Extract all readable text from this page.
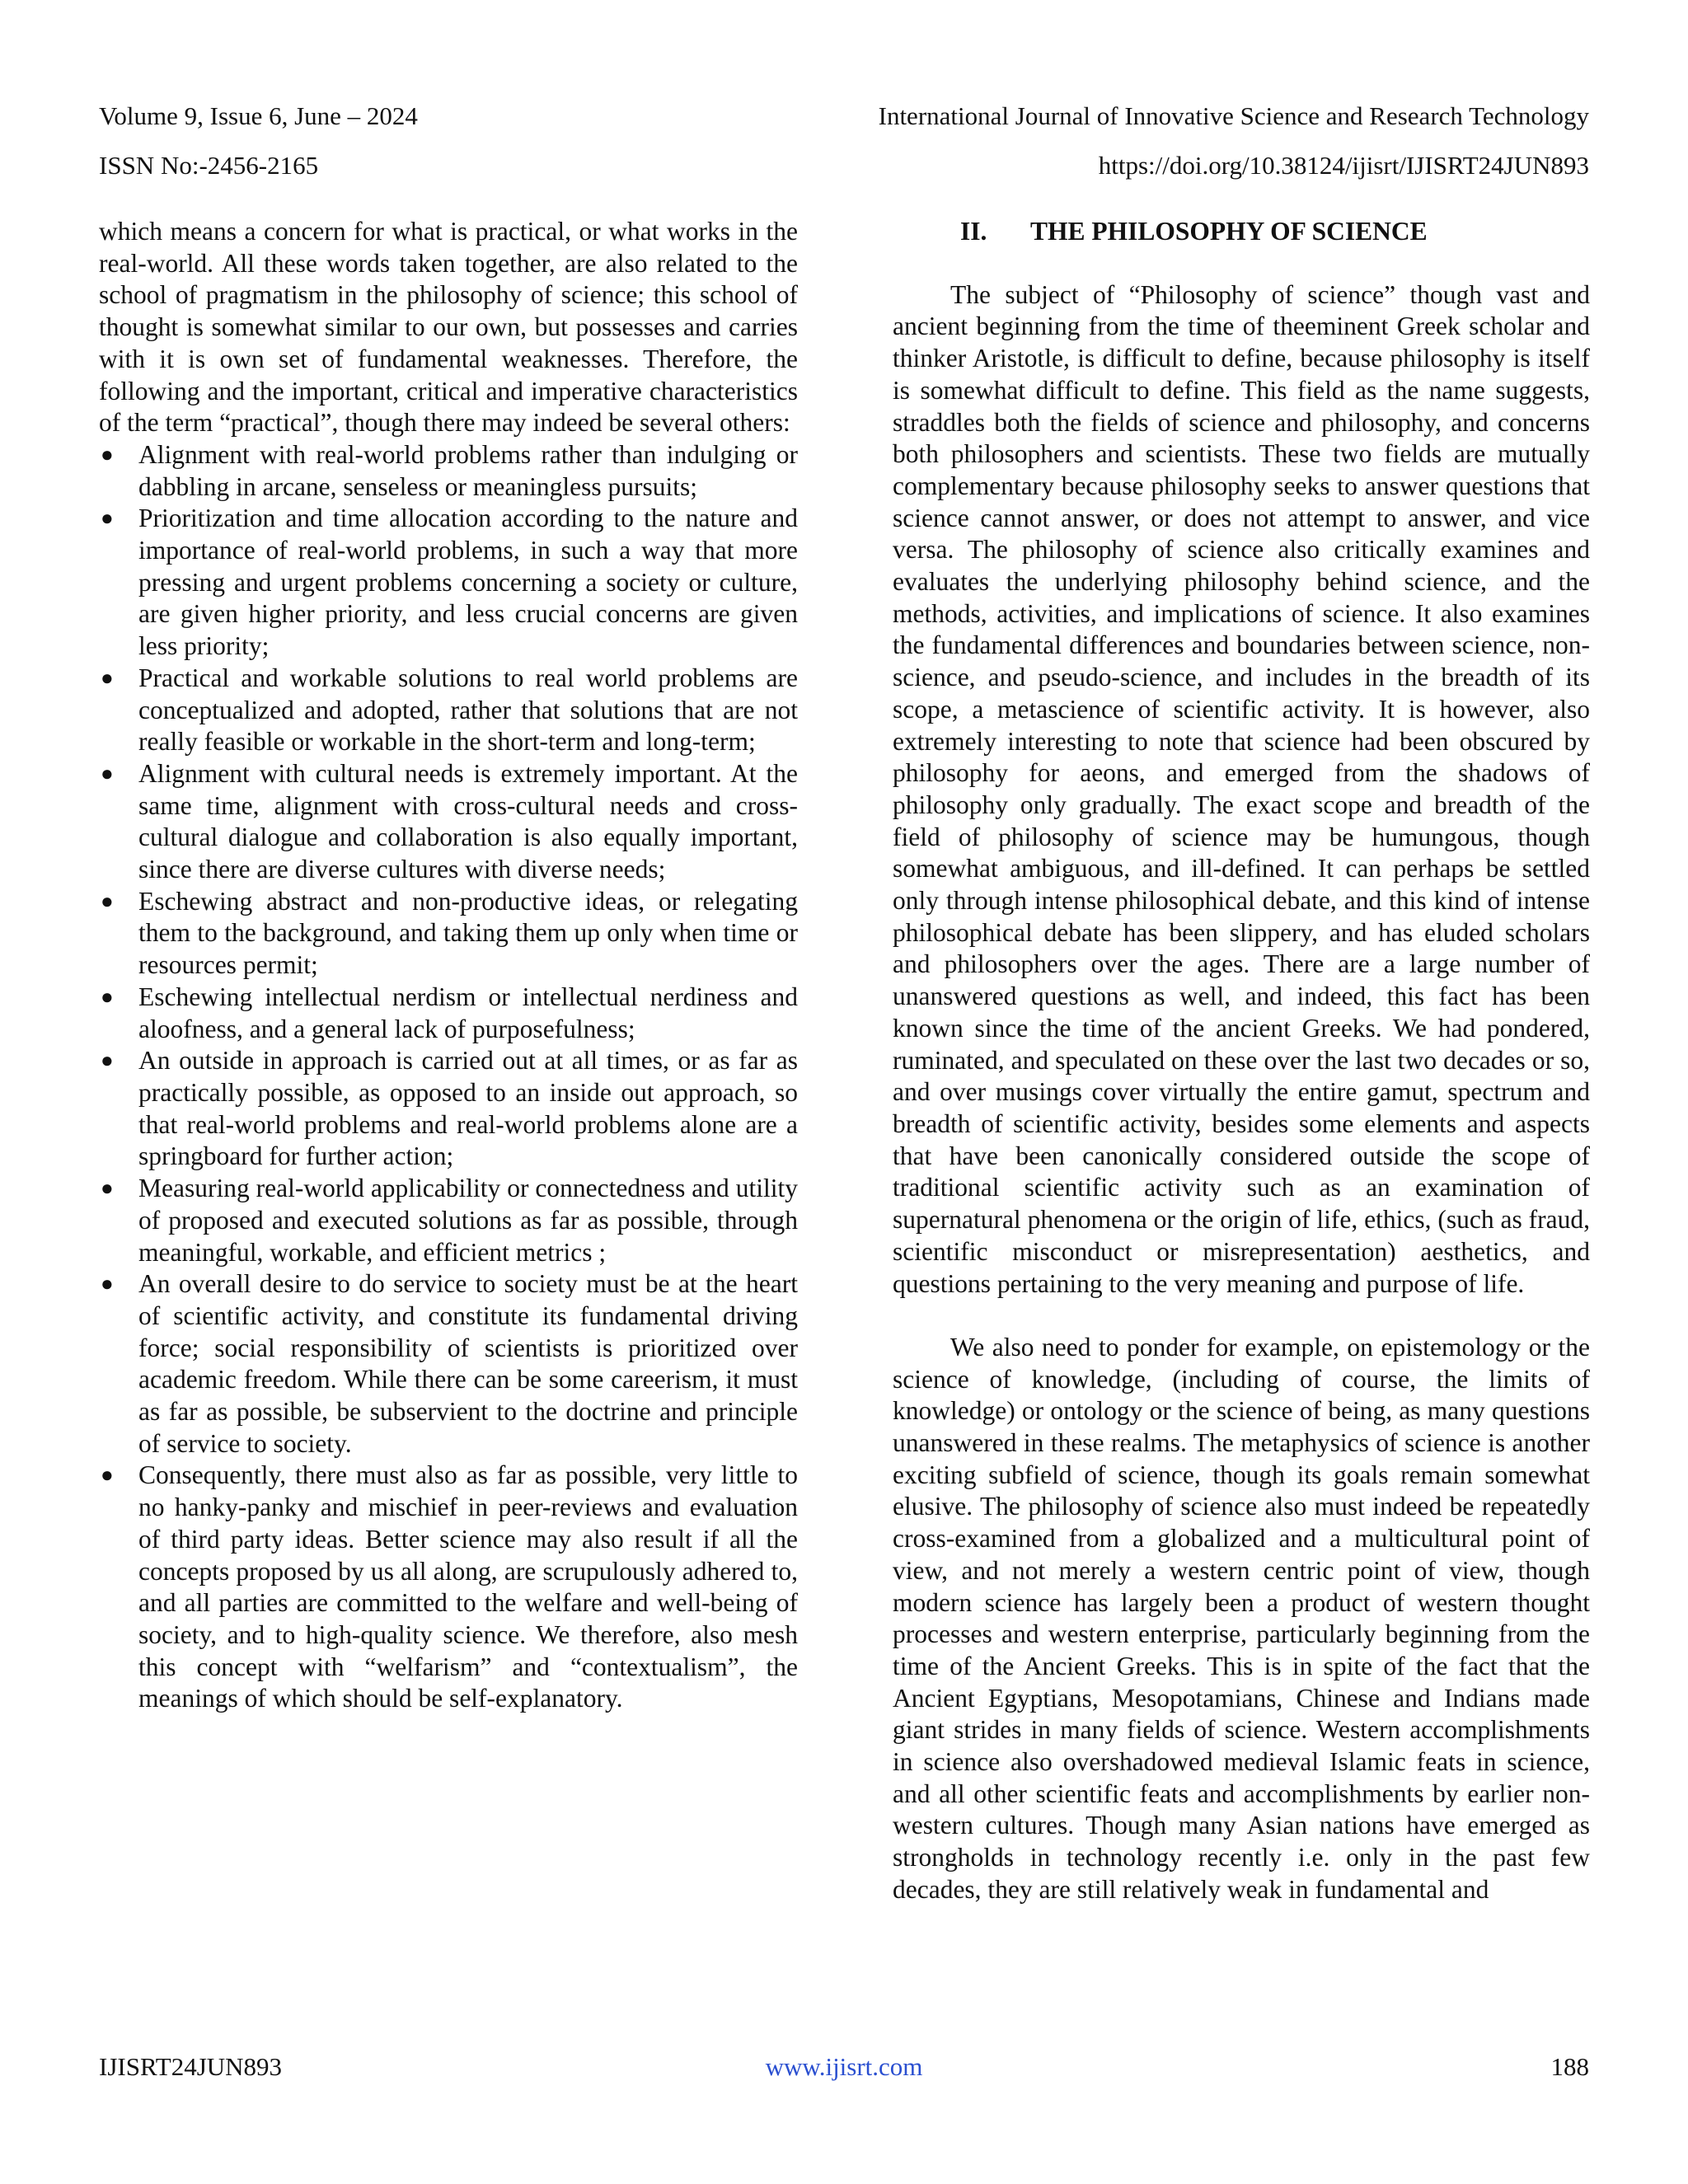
Volume 9, Issue 6, June – 2024	International Journal of Innovative Science and Research Technology
ISSN No:-2456-2165	https://doi.org/10.38124/ijisrt/IJISRT24JUN893

which means a concern for what is practical, or what works in the real-world. All these words taken together, are also related to the school of pragmatism in the philosophy of science; this school of thought is somewhat similar to our own, but possesses and carries with it is own set of fundamental weaknesses. Therefore, the following and the important, critical and imperative characteristics of the term “practical”, though there may indeed be several others:

● Alignment with real-world problems rather than indulging or dabbling in arcane, senseless or meaningless pursuits;
● Prioritization and time allocation according to the nature and importance of real-world problems, in such a way that more pressing and urgent problems concerning a society or culture, are given higher priority, and less crucial concerns are given less priority;
● Practical and workable solutions to real world problems are conceptualized and adopted, rather that solutions that are not really feasible or workable in the short-term and long-term;
● Alignment with cultural needs is extremely important. At the same time, alignment with cross-cultural needs and cross-cultural dialogue and collaboration is also equally important, since there are diverse cultures with diverse needs;
● Eschewing abstract and non-productive ideas, or relegating them to the background, and taking them up only when time or resources permit;
● Eschewing intellectual nerdism or intellectual nerdiness and aloofness, and a general lack of purposefulness;
● An outside in approach is carried out at all times, or as far as practically possible, as opposed to an inside out approach, so that real-world problems and real-world problems alone are a springboard for further action;
● Measuring real-world applicability or connectedness and utility of proposed and executed solutions as far as possible, through meaningful, workable, and efficient metrics ;
● An overall desire to do service to society must be at the heart of scientific activity, and constitute its fundamental driving force; social responsibility of scientists is prioritized over academic freedom. While there can be some careerism, it must as far as possible, be subservient to the doctrine and principle of service to society.
● Consequently, there must also as far as possible, very little to no hanky-panky and mischief in peer-reviews and evaluation of third party ideas. Better science may also result if all the concepts proposed by us all along, are scrupulously adhered to, and all parties are committed to the welfare and well-being of society, and to high-quality science. We therefore, also mesh this concept with “welfarism” and “contextualism”, the meanings of which should be self-explanatory.
II. THE PHILOSOPHY OF SCIENCE

The subject of “Philosophy of science” though vast and ancient beginning from the time of theeminent Greek scholar and thinker Aristotle, is difficult to define, because philosophy is itself is somewhat difficult to define. This field as the name suggests, straddles both the fields of science and philosophy, and concerns both philosophers and scientists. These two fields are mutually complementary because philosophy seeks to answer questions that science cannot answer, or does not attempt to answer, and vice versa. The philosophy of science also critically examines and evaluates the underlying philosophy behind science, and the methods, activities, and implications of science. It also examines the fundamental differences and boundaries between science, non-science, and pseudo-science, and includes in the breadth of its scope, a metascience of scientific activity. It is however, also extremely interesting to note that science had been obscured by philosophy for aeons, and emerged from the shadows of philosophy only gradually. The exact scope and breadth of the field of philosophy of science may be humungous, though somewhat ambiguous, and ill-defined. It can perhaps be settled only through intense philosophical debate, and this kind of intense philosophical debate has been slippery, and has eluded scholars and philosophers over the ages. There are a large number of unanswered questions as well, and indeed, this fact has been known since the time of the ancient Greeks. We had pondered, ruminated, and speculated on these over the last two decades or so, and over musings cover virtually the entire gamut, spectrum and breadth of scientific activity, besides some elements and aspects that have been canonically considered outside the scope of traditional scientific activity such as an examination of supernatural phenomena or the origin of life, ethics, (such as fraud, scientific misconduct or misrepresentation) aesthetics, and questions pertaining to the very meaning and purpose of life.

We also need to ponder for example, on epistemology or the science of knowledge, (including of course, the limits of knowledge) or ontology or the science of being, as many questions unanswered in these realms. The metaphysics of science is another exciting subfield of science, though its goals remain somewhat elusive. The philosophy of science also must indeed be repeatedly cross-examined from a globalized and a multicultural point of view, and not merely a western centric point of view, though modern science has largely been a product of western thought processes and western enterprise, particularly beginning from the time of the Ancient Greeks. This is in spite of the fact that the Ancient Egyptians, Mesopotamians, Chinese and Indians made giant strides in many fields of science. Western accomplishments in science also overshadowed medieval Islamic feats in science, and all other scientific feats and accomplishments by earlier non-western cultures. Though many Asian nations have emerged as strongholds in technology recently i.e. only in the past few decades, they are still relatively weak in fundamental and

IJISRT24JUN893	www.ijisrt.com	188
